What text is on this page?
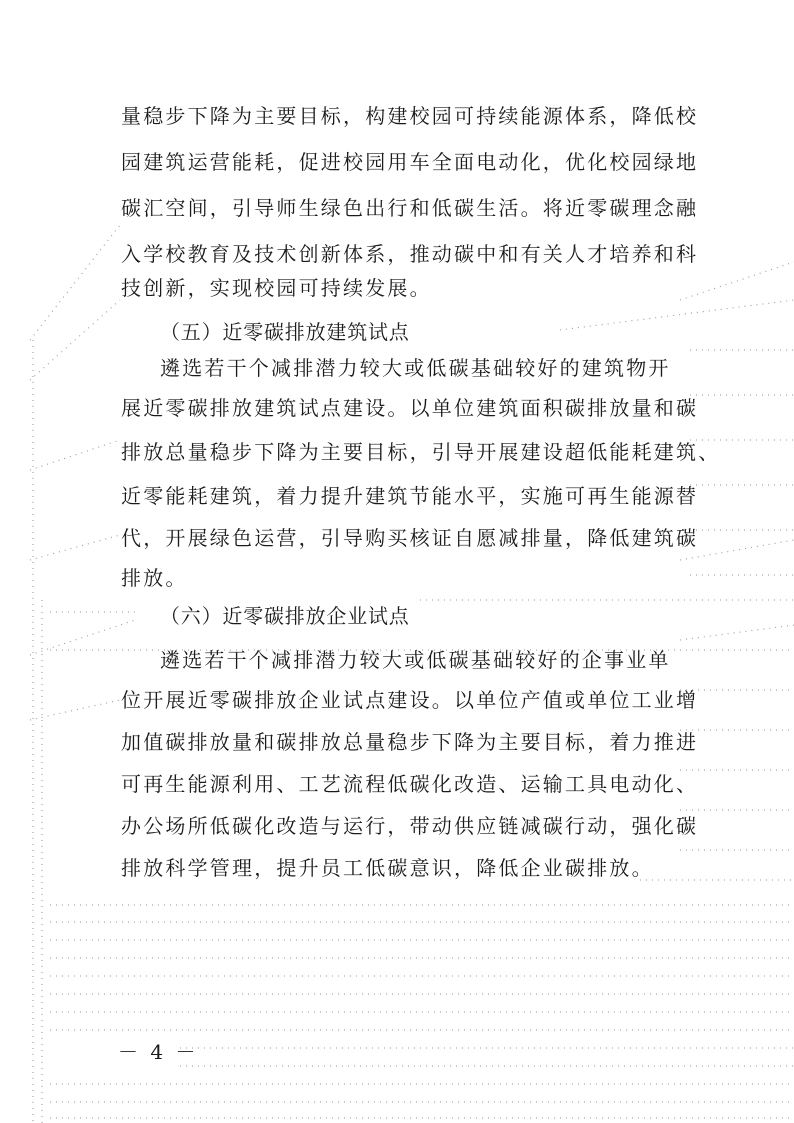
量稳步下降为主要目标，构建校园可持续能源体系，降低校
园建筑运营能耗，促进校园用车全面电动化，优化校园绿地
碳汇空间，引导师生绿色出行和低碳生活。将近零碳理念融
入学校教育及技术创新体系，推动碳中和有关人才培养和科
技创新，实现校园可持续发展。
（五）近零碳排放建筑试点
遴选若干个减排潜力较大或低碳基础较好的建筑物开
展近零碳排放建筑试点建设。以单位建筑面积碳排放量和碳
排放总量稳步下降为主要目标，引导开展建设超低能耗建筑、
近零能耗建筑，着力提升建筑节能水平，实施可再生能源替
代，开展绿色运营，引导购买核证自愿减排量，降低建筑碳
排放。
（六）近零碳排放企业试点
遴选若干个减排潜力较大或低碳基础较好的企事业单
位开展近零碳排放企业试点建设。以单位产值或单位工业增
加值碳排放量和碳排放总量稳步下降为主要目标，着力推进
可再生能源利用、工艺流程低碳化改造、运输工具电动化、
办公场所低碳化改造与运行，带动供应链减碳行动，强化碳
排放科学管理，提升员工低碳意识，降低企业碳排放。
－ 4 －
